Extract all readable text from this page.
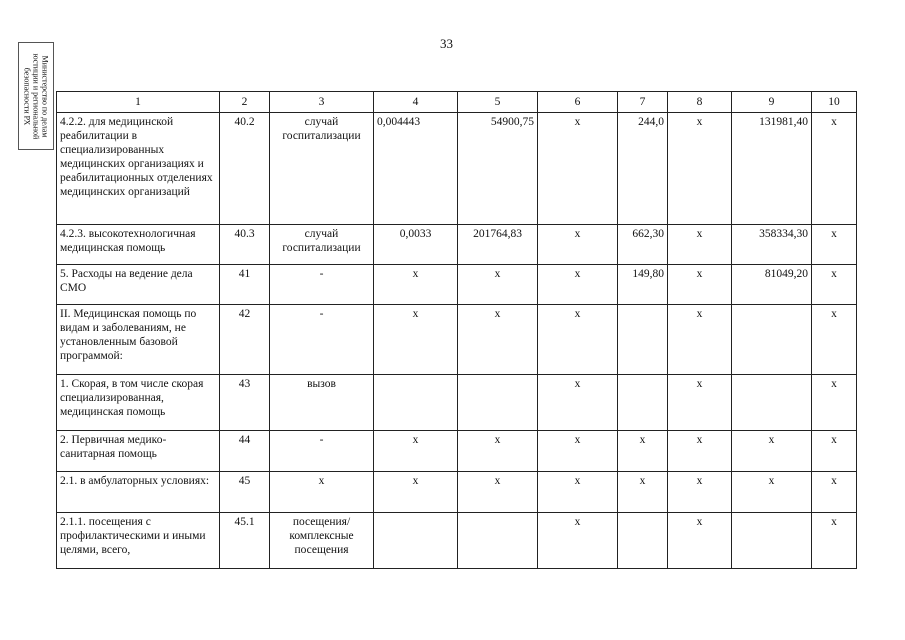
33
Министерство по делам
юстиции и региональной
безопасности РХ	1	2	3	4	5	6	7	8	9	10
4.2.2. для медицинской реабилитации в специализированных медицинских организациях и реабилитационных отделениях медицинских организаций	40.2	случай госпитализации	0,004443	54900,75	х	244,0	х	131981,40	х
4.2.3. высокотехнологичная медицинская помощь	40.3	случай госпитализации	0,0033	201764,83	х	662,30	х	358334,30	х
5. Расходы на ведение дела СМО	41	-	х	х	х	149,80	х	81049,20	х
II. Медицинская помощь по видам и заболеваниям, не установленным базовой программой:	42	-	х	х	х		х		х
1. Скорая, в том числе скорая специализированная, медицинская помощь	43	вызов			х		х		х
2. Первичная медико-санитарная помощь	44	-	х	х	х	х	х	х	х
2.1. в амбулаторных условиях:	45	х	х	х	х	х	х	х	х
2.1.1. посещения с профилактическими и иными целями, всего,	45.1	посещения/комплексные посещения			х		х		х
